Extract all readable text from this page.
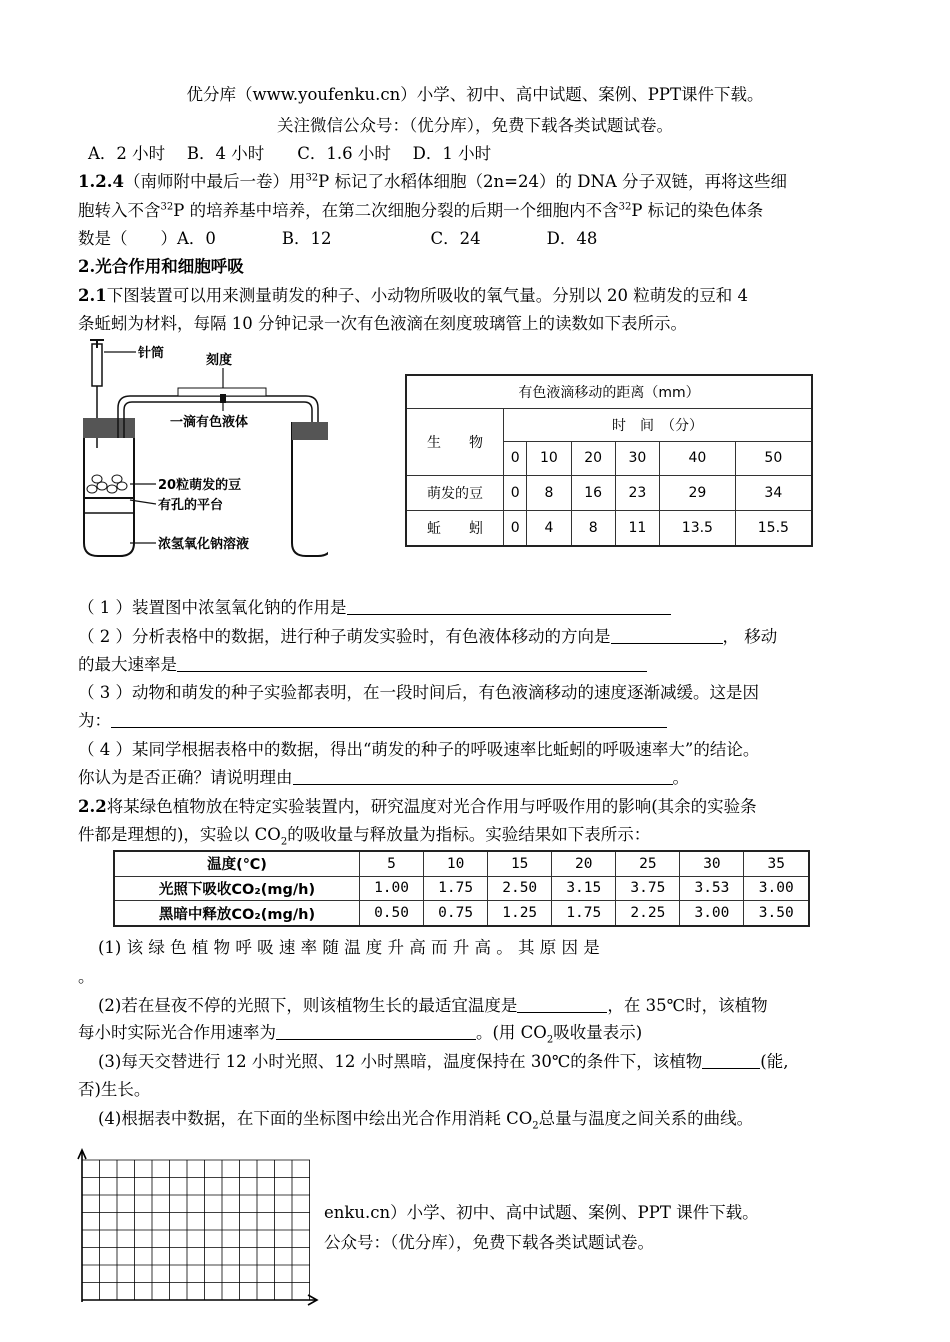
优分库（www.youfenku.cn）小学、初中、高中试题、案例、PPT课件下载。
关注微信公众号：（优分库），免费下载各类试题试卷。
A．2 小时　 B．4 小时　　C．1.6 小时　 D．1 小时
1.2.4（南师附中最后一卷）用$^{32}$P 标记了水稻体细胞（2n=24）的 DNA 分子双链，再将这些细
胞转入不含$^{32}$P 的培养基中培养，在第二次细胞分裂的后期一个细胞内不含$^{32}$P 标记的染色体条
数是（　　）A．0　　　　B．12　　　　　　C．24　　　　D．48
2.光合作用和细胞呼吸
2.1下图装置可以用来测量萌发的种子、小动物所吸收的氧气量。分别以 20 粒萌发的豆和 4
条蚯蚓为材料，每隔 10 分钟记录一次有色液滴在刻度玻璃管上的读数如下表所示。
针筒	刻度
一滴有色液体
20粒萌发的豆
有孔的平台
浓氢氧化钠溶液
有色液滴移动的距离（mm）						
生　　物	时　间　（分）					
	0	10	20	30	40	50
萌发的豆	0	8	16	23	29	34
蚯　　蚓	0	4	8	11	13.5	15.5
（ 1 ）装置图中浓氢氧化钠的作用是
（ 2 ）分析表格中的数据，进行种子萌发实验时，有色液体移动的方向是	， 移动
的最大速率是
（ 3 ）动物和萌发的种子实验都表明，在一段时间后，有色液滴移动的速度逐渐减缓。这是因
为：
（ 4 ）某同学根据表格中的数据，得出“萌发的种子的呼吸速率比蚯蚓的呼吸速率大”的结论。
你认为是否正确？请说明理由	。
2.2将某绿色植物放在特定实验装置内，研究温度对光合作用与呼吸作用的影响(其余的实验条
件都是理想的)，实验以 $CO_2$的吸收量与释放量为指标。实验结果如下表所示：
温度(℃)	5	10	15	20	25	30	35
光照下吸收CO₂(mg/h)	1.00	1.75	2.50	3.15	3.75	3.53	3.00
黑暗中释放CO₂(mg/h)	0.50	0.75	1.25	1.75	2.25	3.00	3.50
(1) 该 绿 色 植 物 呼 吸 速 率 随 温 度 升 高 而 升 高 。 其 原 因 是
。
(2)若在昼夜不停的光照下，则该植物生长的最适宜温度是	，在 35℃时，该植物
每小时实际光合作用速率为	。(用 $CO_2$吸收量表示)
(3)每天交替进行 12 小时光照、12 小时黑暗，温度保持在 30℃的条件下，该植物	(能,
否)生长。
(4)根据表中数据，在下面的坐标图中绘出光合作用消耗 $CO_2$总量与温度之间关系的曲线。
enku.cn）小学、初中、高中试题、案例、PPT 课件下载。
公众号：（优分库），免费下载各类试题试卷。
